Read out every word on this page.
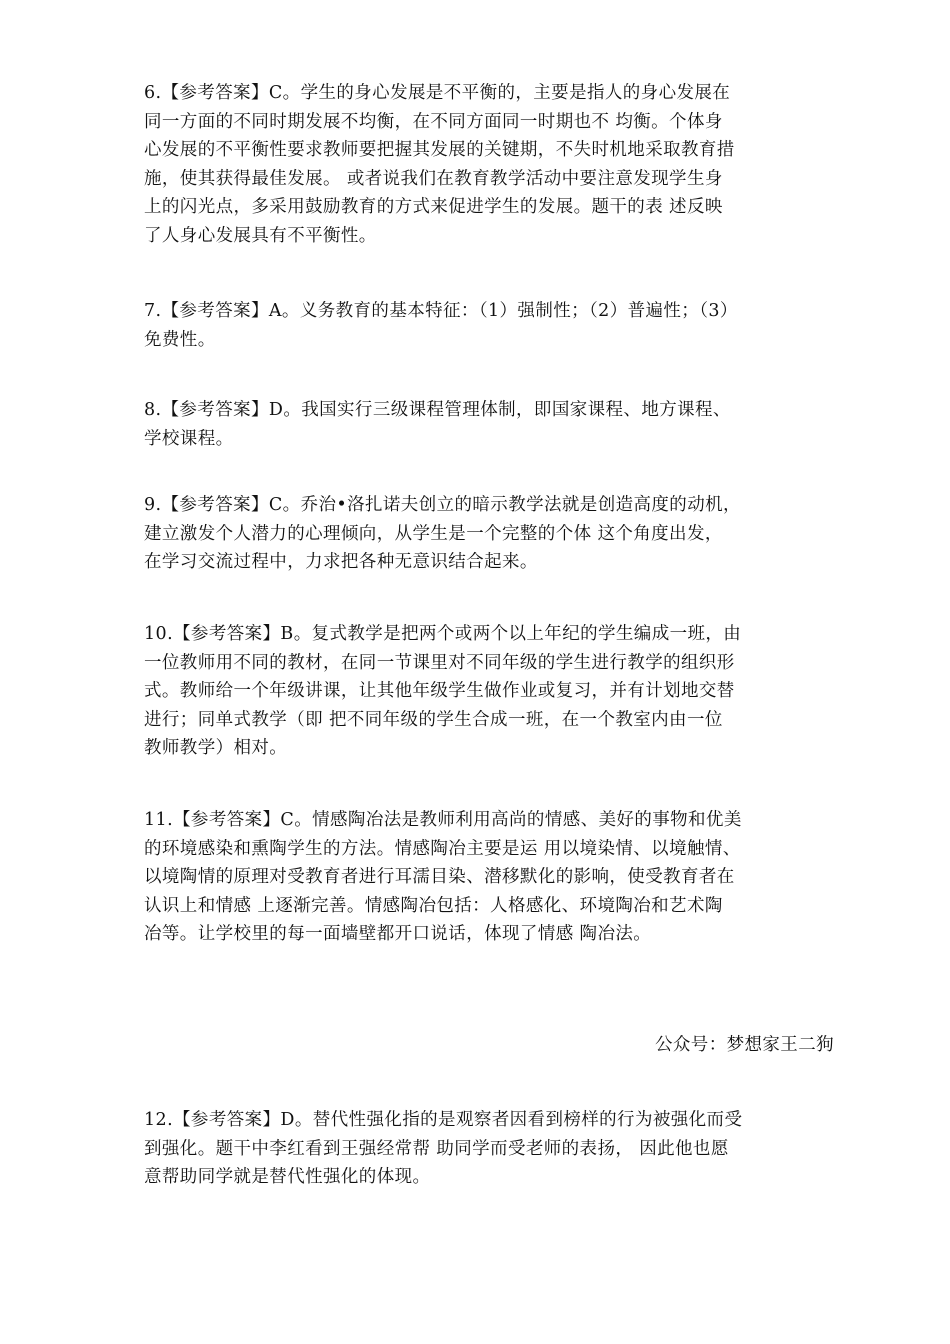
6.【参考答案】C。学生的身心发展是不平衡的，主要是指人的身心发展在
同一方面的不同时期发展不均衡，在不同方面同一时期也不 均衡。个体身
心发展的不平衡性要求教师要把握其发展的关键期，不失时机地采取教育措
施，使其获得最佳发展。 或者说我们在教育教学活动中要注意发现学生身
上的闪光点，多采用鼓励教育的方式来促进学生的发展。题干的表 述反映
了人身心发展具有不平衡性。
7.【参考答案】A。义务教育的基本特征：（1）强制性；（2）普遍性；（3）
免费性。
8.【参考答案】D。我国实行三级课程管理体制，即国家课程、地方课程、
学校课程。
9.【参考答案】C。乔治•洛扎诺夫创立的暗示教学法就是创造高度的动机，
建立激发个人潜力的心理倾向，从学生是一个完整的个体 这个角度出发，
在学习交流过程中，力求把各种无意识结合起来。
10.【参考答案】B。复式教学是把两个或两个以上年纪的学生编成一班，由
一位教师用不同的教材，在同一节课里对不同年级的学生进行教学的组织形
式。教师给一个年级讲课，让其他年级学生做作业或复习，并有计划地交替
进行；同单式教学（即 把不同年级的学生合成一班，在一个教室内由一位
教师教学）相对。
11.【参考答案】C。情感陶冶法是教师利用高尚的情感、美好的事物和优美
的环境感染和熏陶学生的方法。情感陶冶主要是运 用以境染情、以境触情、
以境陶情的原理对受教育者进行耳濡目染、潜移默化的影响，使受教育者在
认识上和情感 上逐渐完善。情感陶冶包括：人格感化、环境陶冶和艺术陶
冶等。让学校里的每一面墙壁都开口说话，体现了情感 陶冶法。
公众号：梦想家王二狗
12.【参考答案】D。替代性强化指的是观察者因看到榜样的行为被强化而受
到强化。题干中李红看到王强经常帮 助同学而受老师的表扬， 因此他也愿
意帮助同学就是替代性强化的体现。
